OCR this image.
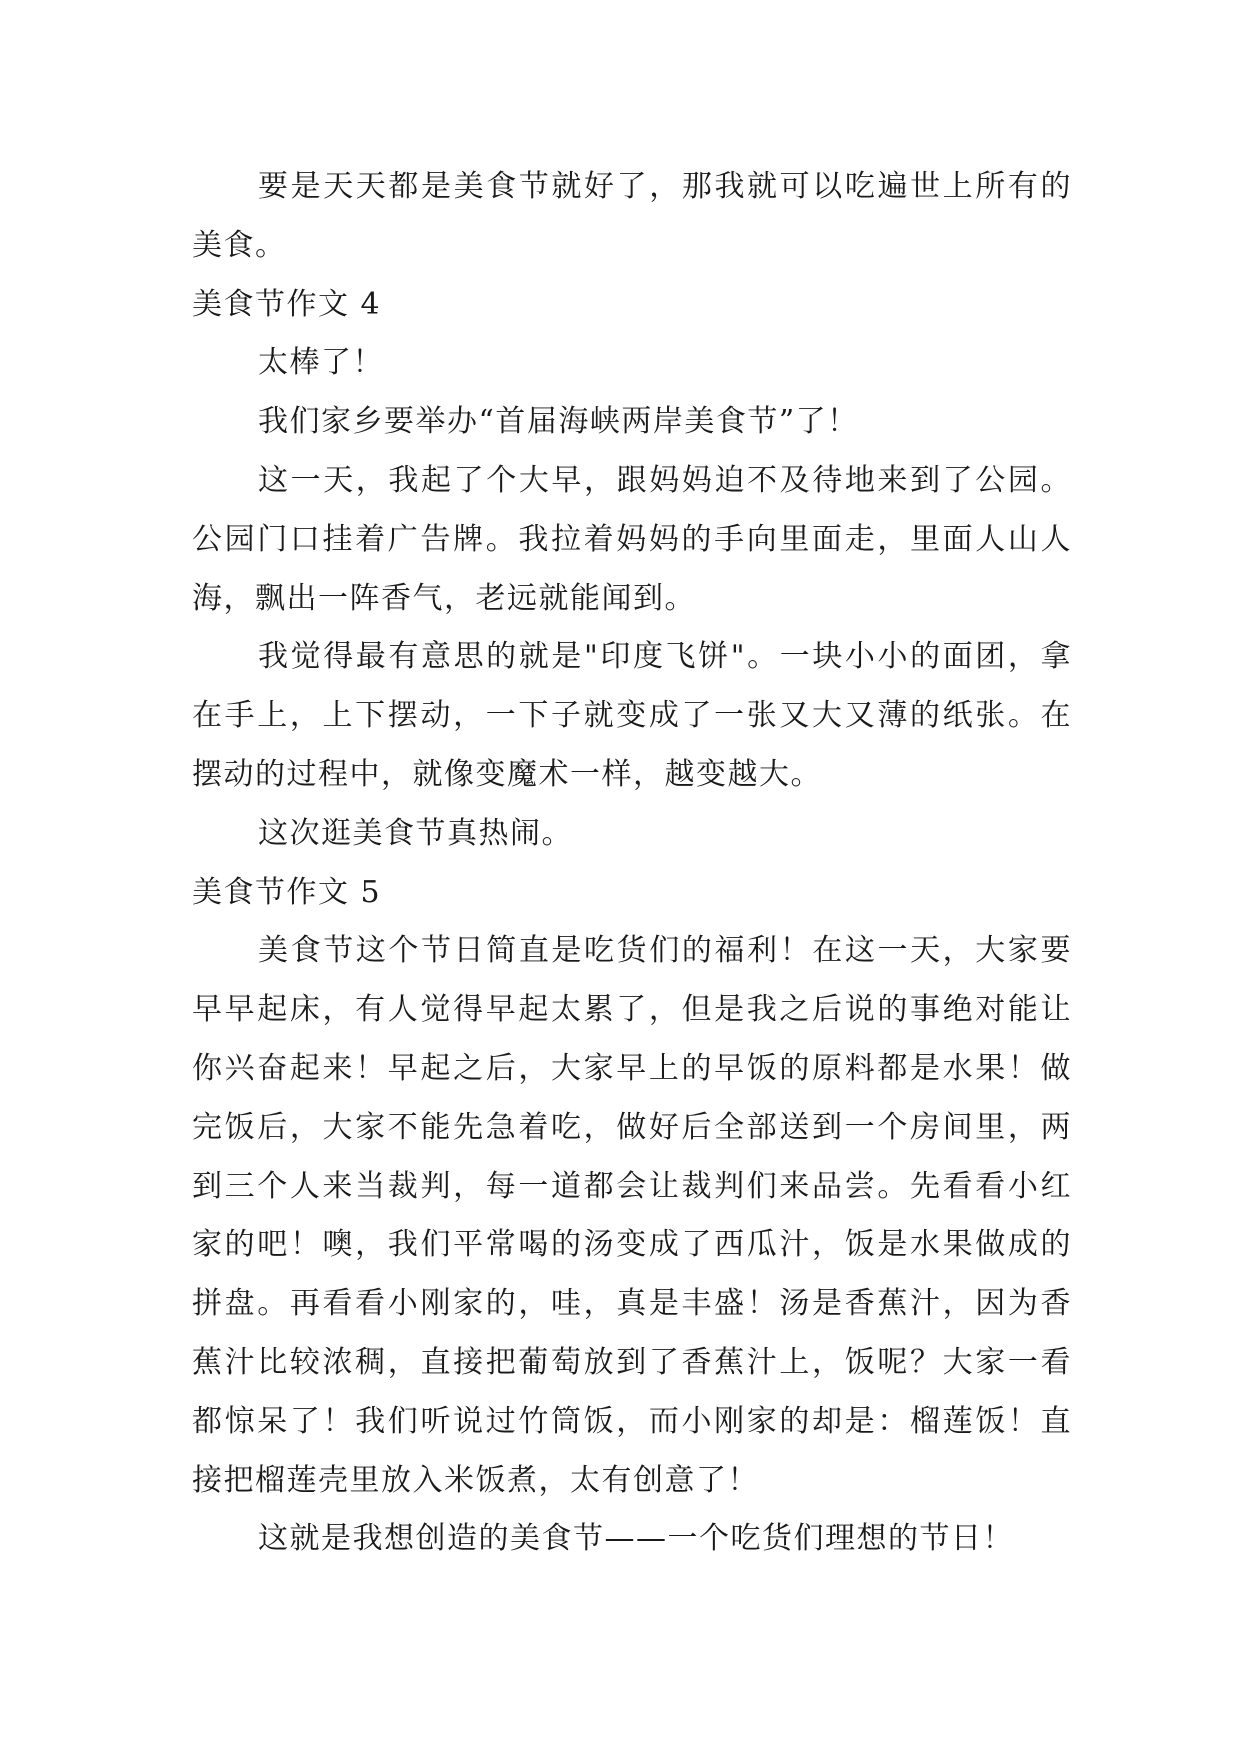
要是天天都是美食节就好了，那我就可以吃遍世上所有的美食。

美食节作文 4

太棒了！

我们家乡要举办“首届海峡两岸美食节”了！

这一天，我起了个大早，跟妈妈迫不及待地来到了公园。公园门口挂着广告牌。我拉着妈妈的手向里面走，里面人山人海，飘出一阵香气，老远就能闻到。

我觉得最有意思的就是"印度飞饼"。一块小小的面团，拿在手上，上下摆动，一下子就变成了一张又大又薄的纸张。在摆动的过程中，就像变魔术一样，越变越大。

这次逛美食节真热闹。

美食节作文 5

美食节这个节日简直是吃货们的福利！在这一天，大家要早早起床，有人觉得早起太累了，但是我之后说的事绝对能让你兴奋起来！早起之后，大家早上的早饭的原料都是水果！做完饭后，大家不能先急着吃，做好后全部送到一个房间里，两到三个人来当裁判，每一道都会让裁判们来品尝。先看看小红家的吧！噢，我们平常喝的汤变成了西瓜汁，饭是水果做成的拼盘。再看看小刚家的，哇，真是丰盛！汤是香蕉汁，因为香蕉汁比较浓稠，直接把葡萄放到了香蕉汁上，饭呢？大家一看都惊呆了！我们听说过竹筒饭，而小刚家的却是：榴莲饭！直接把榴莲壳里放入米饭煮，太有创意了！

这就是我想创造的美食节——一个吃货们理想的节日！
